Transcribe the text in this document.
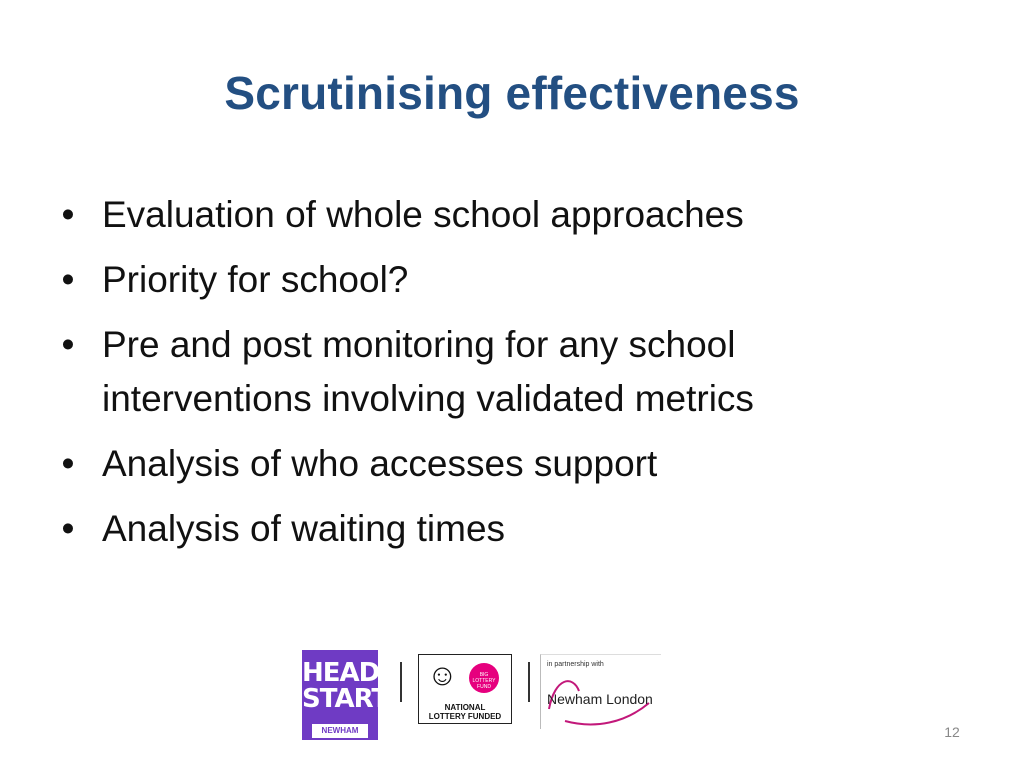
Scrutinising effectiveness
• Evaluation of whole school approaches
• Priority for school?
• Pre and post monitoring for any school
interventions involving validated metrics
• Analysis of who accesses support
• Analysis of waiting times
HEAD
START
NEWHAM
☺	BIG LOTTERY FUND
NATIONAL
LOTTERY FUNDED
in partnership with
Newham London
12
